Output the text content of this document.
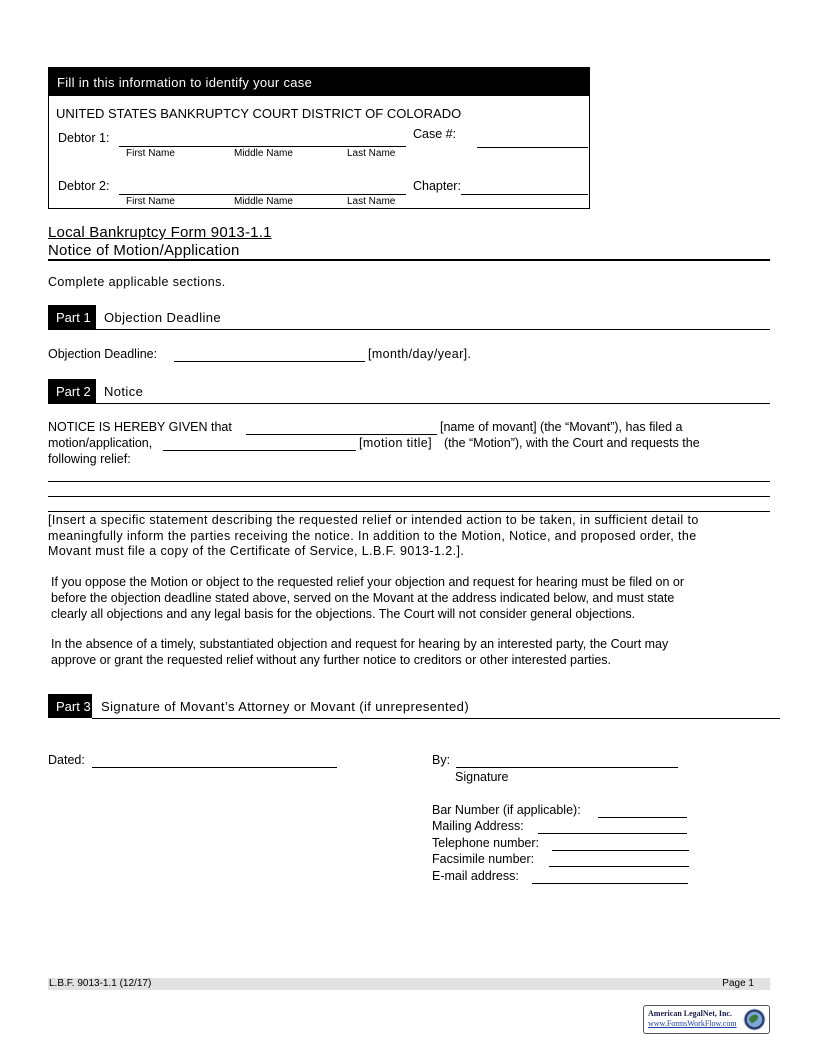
Fill in this information to identify your case
UNITED STATES BANKRUPTCY COURT DISTRICT OF COLORADO
Debtor 1:
First Name	Middle Name	Last Name
Case #:
Debtor 2:
First Name	Middle Name	Last Name
Chapter:
Local Bankruptcy Form 9013-1.1
Notice of Motion/Application
Complete applicable sections.
Part 1 Objection Deadline
Objection Deadline:	[month/day/year].
Part 2 Notice
NOTICE IS HEREBY GIVEN that	[name of movant] (the “Movant”), has filed a
motion/application,	[motion title] (the “Motion”), with the Court and requests the
following relief:
[Insert a specific statement describing the requested relief or intended action to be taken, in sufficient detail to
meaningfully inform the parties receiving the notice. In addition to the Motion, Notice, and proposed order, the
Movant must file a copy of the Certificate of Service, L.B.F. 9013-1.2.].
If you oppose the Motion or object to the requested relief your objection and request for hearing must be filed on or
before the objection deadline stated above, served on the Movant at the address indicated below, and must state
clearly all objections and any legal basis for the objections. The Court will not consider general objections.
In the absence of a timely, substantiated objection and request for hearing by an interested party, the Court may
approve or grant the requested relief without any further notice to creditors or other interested parties.
Part 3 Signature of Movant’s Attorney or Movant (if unrepresented)
Dated:	By:
Signature
Bar Number (if applicable):
Mailing Address:
Telephone number:
Facsimile number:
E-mail address:
L.B.F. 9013-1.1 (12/17)	Page 1
American LegalNet, Inc.
www.FormsWorkFlow.com
